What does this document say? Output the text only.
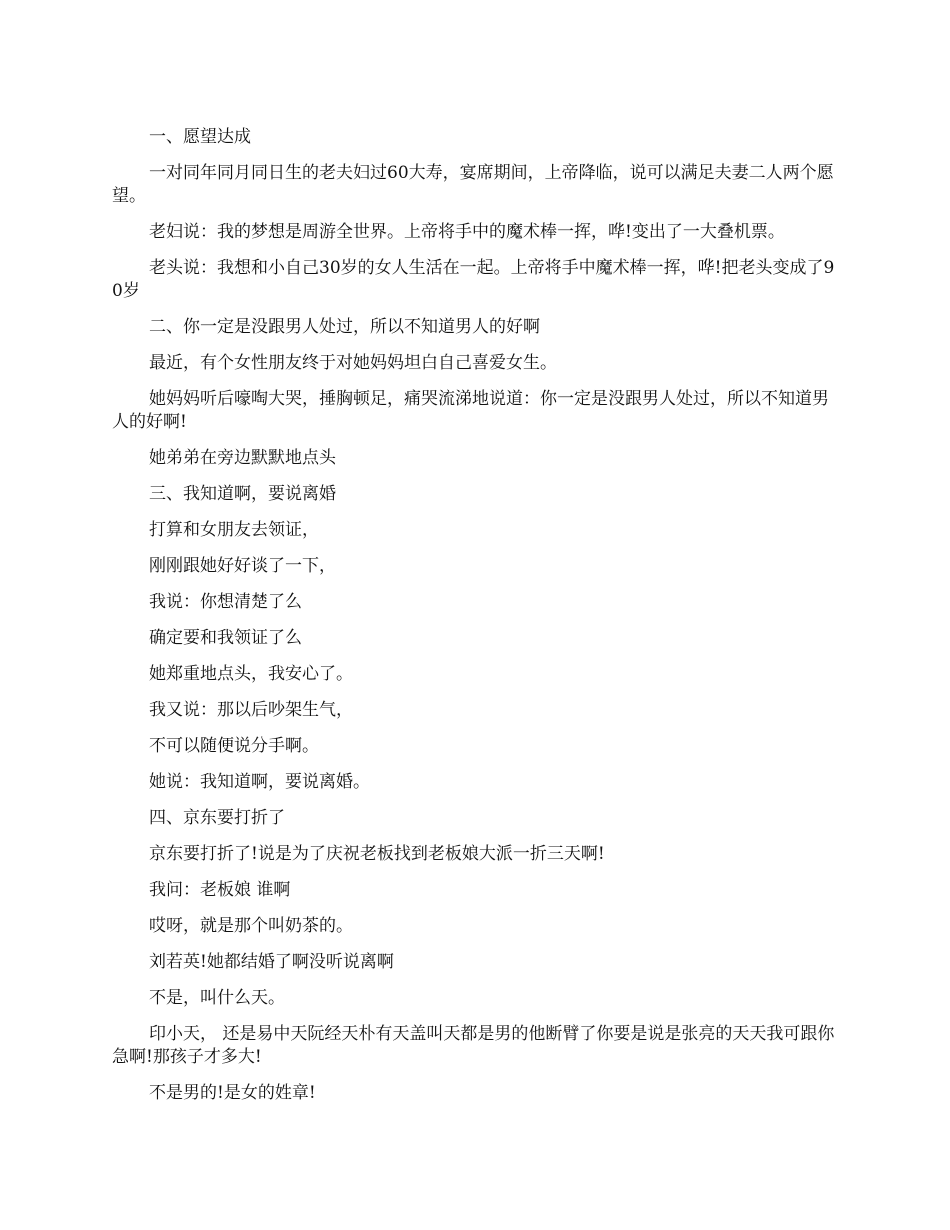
一、愿望达成

一对同年同月同日生的老夫妇过60大寿，宴席期间，上帝降临，说可以满足夫妻二人两个愿望。

老妇说：我的梦想是周游全世界。上帝将手中的魔术棒一挥，哗!变出了一大叠机票。

老头说：我想和小自己30岁的女人生活在一起。上帝将手中魔术棒一挥，哗!把老头变成了90岁

二、你一定是没跟男人处过，所以不知道男人的好啊

最近，有个女性朋友终于对她妈妈坦白自己喜爱女生。

她妈妈听后嚎啕大哭，捶胸顿足，痛哭流涕地说道：你一定是没跟男人处过，所以不知道男人的好啊!

她弟弟在旁边默默地点头

三、我知道啊，要说离婚

打算和女朋友去领证，

刚刚跟她好好谈了一下，

我说：你想清楚了么

确定要和我领证了么

她郑重地点头，我安心了。

我又说：那以后吵架生气，

不可以随便说分手啊。

她说：我知道啊，要说离婚。

四、京东要打折了

京东要打折了!说是为了庆祝老板找到老板娘大派一折三天啊!

我问：老板娘 谁啊

哎呀，就是那个叫奶茶的。

刘若英!她都结婚了啊没听说离啊

不是，叫什么天。

印小天， 还是易中天阮经天朴有天盖叫天都是男的他断臂了你要是说是张亮的天天我可跟你急啊!那孩子才多大!

不是男的!是女的姓章!
